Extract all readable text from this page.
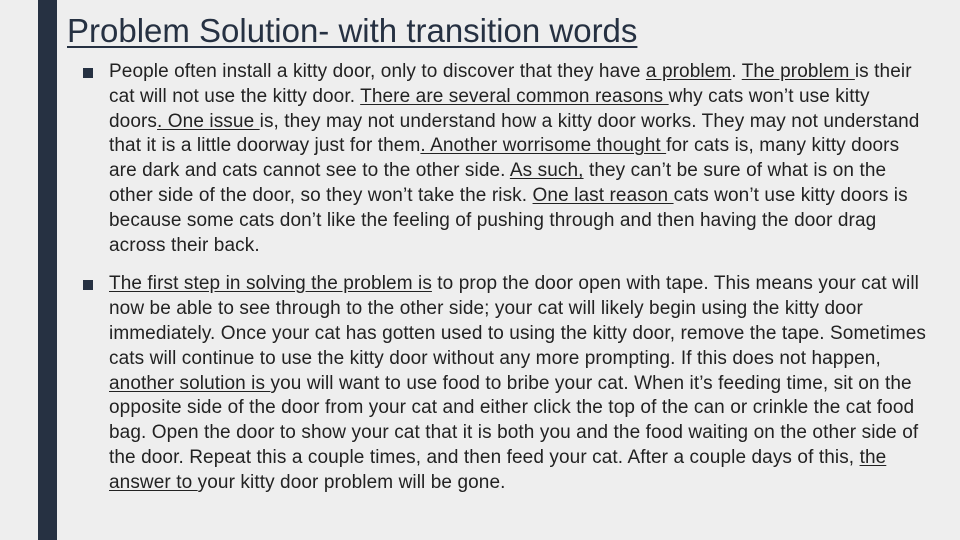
Problem Solution- with transition words
People often install a kitty door, only to discover that they have a problem. The problem is their cat will not use the kitty door. There are several common reasons why cats won’t use kitty doors. One issue is, they may not understand how a kitty door works. They may not understand that it is a little doorway just for them. Another worrisome thought for cats is, many kitty doors are dark and cats cannot see to the other side. As such, they can’t be sure of what is on the other side of the door, so they won’t take the risk. One last reason cats won’t use kitty doors is because some cats don’t like the feeling of pushing through and then having the door drag across their back.
The first step in solving the problem is to prop the door open with tape. This means your cat will now be able to see through to the other side; your cat will likely begin using the kitty door immediately. Once your cat has gotten used to using the kitty door, remove the tape. Sometimes cats will continue to use the kitty door without any more prompting. If this does not happen, another solution is you will want to use food to bribe your cat. When it’s feeding time, sit on the opposite side of the door from your cat and either click the top of the can or crinkle the cat food bag. Open the door to show your cat that it is both you and the food waiting on the other side of the door. Repeat this a couple times, and then feed your cat. After a couple days of this, the answer to your kitty door problem will be gone.
